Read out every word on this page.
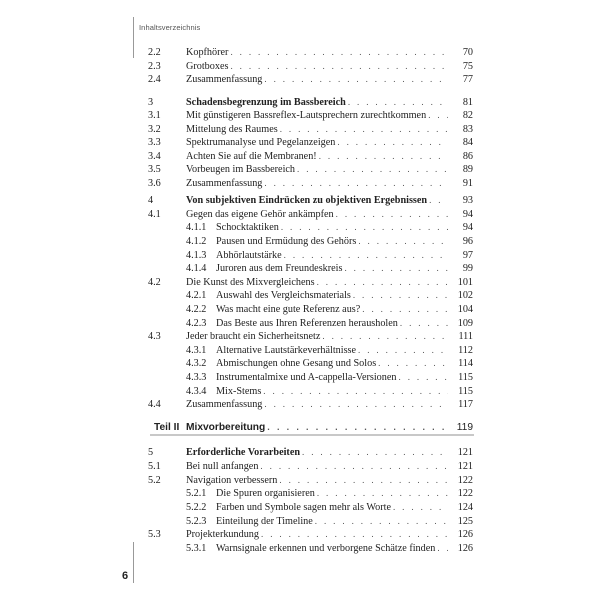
Inhaltsverzeichnis
2.2 Kopfhörer . . .	70
2.3 Grotboxes . . .	75
2.4 Zusammenfassung . . .	77
3	Schadensbegrenzung im Bassbereich . . .	81
3.1 Mit günstigeren Bassreflex-Lautsprechern zurechtkommen . . .	82
3.2 Mittelung des Raumes . . .	83
3.3 Spektrumanalyse und Pegelanzeigen . . .	84
3.4 Achten Sie auf die Membranen! . . .	86
3.5 Vorbeugen im Bassbereich . . .	89
3.6 Zusammenfassung . . .	91
4	Von subjektiven Eindrücken zu objektiven Ergebnissen . . .	93
4.1 Gegen das eigene Gehör ankämpfen . . .	94
4.1.1 Schocktaktiken . . .	94
4.1.2 Pausen und Ermüdung des Gehörs . . .	96
4.1.3 Abhörlautstärke . . .	97
4.1.4 Juroren aus dem Freundeskreis . . .	99
4.2 Die Kunst des Mixvergleichens . . .	101
4.2.1 Auswahl des Vergleichsmaterials . . .	102
4.2.2 Was macht eine gute Referenz aus? . . .	104
4.2.3 Das Beste aus Ihren Referenzen herausholen . . .	109
4.3 Jeder braucht ein Sicherheitsnetz . . .	111
4.3.1 Alternative Lautstärkeverhältnisse . . .	112
4.3.2 Abmischungen ohne Gesang und Solos . . .	114
4.3.3 Instrumentalmixe und A-cappella-Versionen . . .	115
4.3.4 Mix-Stems . . .	115
4.4 Zusammenfassung . . .	117
Teil II Mixvorbereitung . . .	119
5	Erforderliche Vorarbeiten . . .	121
5.1 Bei null anfangen . . .	121
5.2 Navigation verbessern . . .	122
5.2.1 Die Spuren organisieren . . .	122
5.2.2 Farben und Symbole sagen mehr als Worte . . .	124
5.2.3 Einteilung der Timeline . . .	125
5.3 Projekterkundung . . .	126
5.3.1 Warnsignale erkennen und verborgene Schätze finden . . . 126
6
